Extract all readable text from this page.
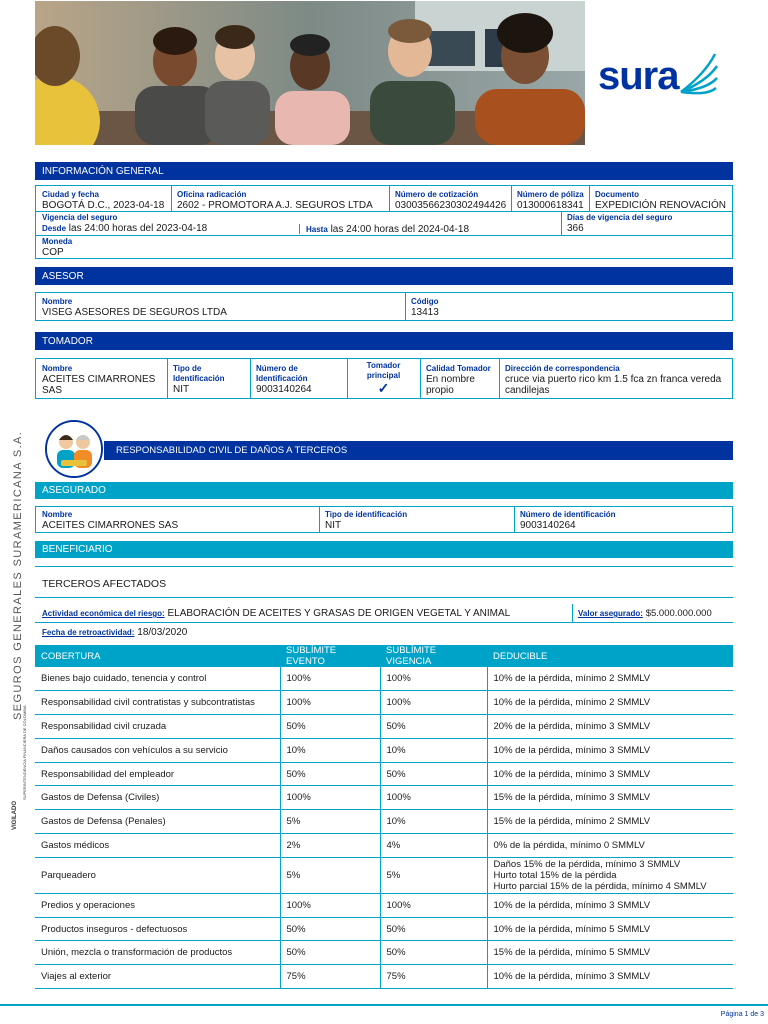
sura
SEGUROS GENERALES SURAMERICANA S.A.
VIGILADO
SUPERINTENDENCIA FINANCIERA DE COLOMBIA
INFORMACIÓN GENERAL
Ciudad y fecha
BOGOTÁ D.C., 2023-04-18
Oficina radicación
2602 - PROMOTORA A.J. SEGUROS LTDA
Número de cotización
03003566230302494426
Número de póliza
013000618341
Documento
EXPEDICIÓN RENOVACIÓN
Vigencia del seguro
Desde las 24:00 horas del 2023-04-18	Hasta las 24:00 horas del 2024-04-18
Días de vigencia del seguro
366
Moneda
COP
ASESOR
Nombre
VISEG ASESORES DE SEGUROS LTDA
Código
13413
TOMADOR
Nombre
ACEITES CIMARRONES
SAS
Tipo de
Identificación
NIT
Número de
Identificación
9003140264
Tomador
principal
✓
Calidad Tomador
En nombre
propio
Dirección de correspondencia
cruce via puerto rico km 1.5 fca zn franca vereda
candilejas
RESPONSABILIDAD CIVIL DE DAÑOS A TERCEROS
ASEGURADO
Nombre
ACEITES CIMARRONES SAS
Tipo de identificación
NIT
Número de identificación
9003140264
BENEFICIARIO
TERCEROS AFECTADOS
Actividad económica del riesgo: ELABORACIÓN DE ACEITES Y GRASAS DE ORIGEN VEGETAL Y ANIMAL	Valor asegurado: $5.000.000.000
Fecha de retroactividad: 18/03/2020
COBERTURA	SUBLÍMITE EVENTO	SUBLÍMITE VIGENCIA	DEDUCIBLE
Bienes bajo cuidado, tenencia y control	100%	100%	10% de la pérdida, mínimo 2 SMMLV
Responsabilidad civil contratistas y subcontratistas	100%	100%	10% de la pérdida, mínimo 2 SMMLV
Responsabilidad civil cruzada	50%	50%	20% de la pérdida, mínimo 3 SMMLV
Daños causados con vehículos a su servicio	10%	10%	10% de la pérdida, mínimo 3 SMMLV
Responsabilidad del empleador	50%	50%	10% de la pérdida, mínimo 3 SMMLV
Gastos de Defensa (Civiles)	100%	100%	15% de la pérdida, mínimo 3 SMMLV
Gastos de Defensa (Penales)	5%	10%	15% de la pérdida, mínimo 2 SMMLV
Gastos médicos	2%	4%	0% de la pérdida, mínimo 0 SMMLV
Parqueadero	5%	5%	Daños 15% de la pérdida, mínimo 3 SMMLV
Hurto total 15% de la pérdida
Hurto parcial 15% de la pérdida, mínimo 4 SMMLV
Predios y operaciones	100%	100%	10% de la pérdida, mínimo 3 SMMLV
Productos inseguros - defectuosos	50%	50%	10% de la pérdida, mínimo 5 SMMLV
Unión, mezcla o transformación de productos	50%	50%	15% de la pérdida, mínimo 5 SMMLV
Viajes al exterior	75%	75%	10% de la pérdida, mínimo 3 SMMLV
Página 1 de 3
